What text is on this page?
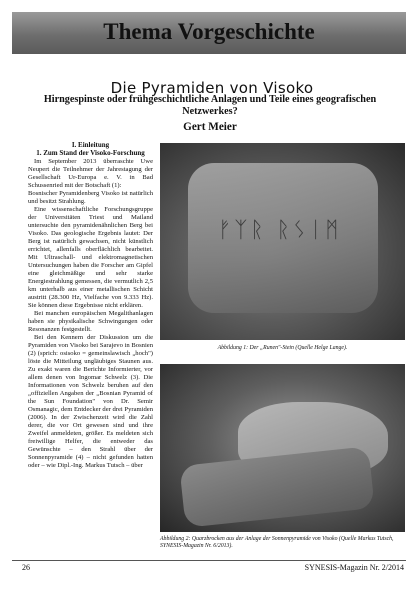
Thema Vorgeschichte
Die Pyramiden von Visoko
Hirngespinste oder frühgeschichtliche Anlagen und Teile eines geografischen Netzwerkes?
Gert Meier
I. Einleitung
1. Zum Stand der Visoko-Forschung

Im September 2013 überraschte Uwe Neupert die Teilnehmer der Jahrestagung der Gesellschaft Ur-Europa e. V. in Bad Schussenried mit der Botschaft (1):

Bosnischer Pyramidenberg Visoko ist natürlich und besitzt Strahlung.

Eine wissenschaftliche Forschungsgruppe der Universitäten Triest und Mailand untersuchte den pyramidenähnlichen Berg bei Visoko. Das geologische Ergebnis lautet: Der Berg ist natürlich gewachsen, nicht künstlich errichtet, allenfalls oberflächlich bearbeitet. Mit Ultraschall- und elektromagnetischen Untersuchungen haben die Forscher am Gipfel eine gleichmäßige und sehr starke Energiestrahlung gemessen, die vermutlich 2,5 km unterhalb aus einer metallischen Schicht austritt (28.300 Hz, Vielfache von 9.333 Hz). Sie können diese Ergebnisse nicht erklären.

Bei manchen europäischen Megalithanlagen haben sie physikalische Schwingungen oder Resonanzen festgestellt.

Bei den Kennern der Diskussion um die Pyramiden von Visoko bei Sarajevo in Bosnien (2) (sprich: osisoko = gemeinslawisch „hoch") löste die Mitteilung ungläubiges Staunen aus. Zu exakt waren die Berichte Informierter, vor allem denen von Ingomar Schwelz (3). Die Informationen von Schwelz beruhen auf den „offiziellen Angaben der „Bosnian Pyramid of the Sun Foundation" von Dr. Semir Osmanagic, dem Entdecker der drei Pyramiden (2006). In der Zwischenzeit wird die Zahl derer, die vor Ort gewesen sind und ihre Zweifel anmeldeten, größer. Es meldeten sich freiwillige Helfer, die entweder das Gewünschte – den Strahl über der Sonnenpyramide (4) – nicht gefunden hatten oder – wie Dipl.-Ing. Markus Tutsch – über

ᚠᛉᚱ ᚱᛊᛁᛗ
Abbildung 1: Der „Runen"-Stein (Quelle Helge Lange).
Abbildung 2: Quarzbrocken aus der Anlage der Sonnenpyramide von Visoko (Quelle Markus Tutsch, SYNESIS-Magazin Nr. 6/2013).
26	SYNESIS-Magazin Nr. 2/2014
